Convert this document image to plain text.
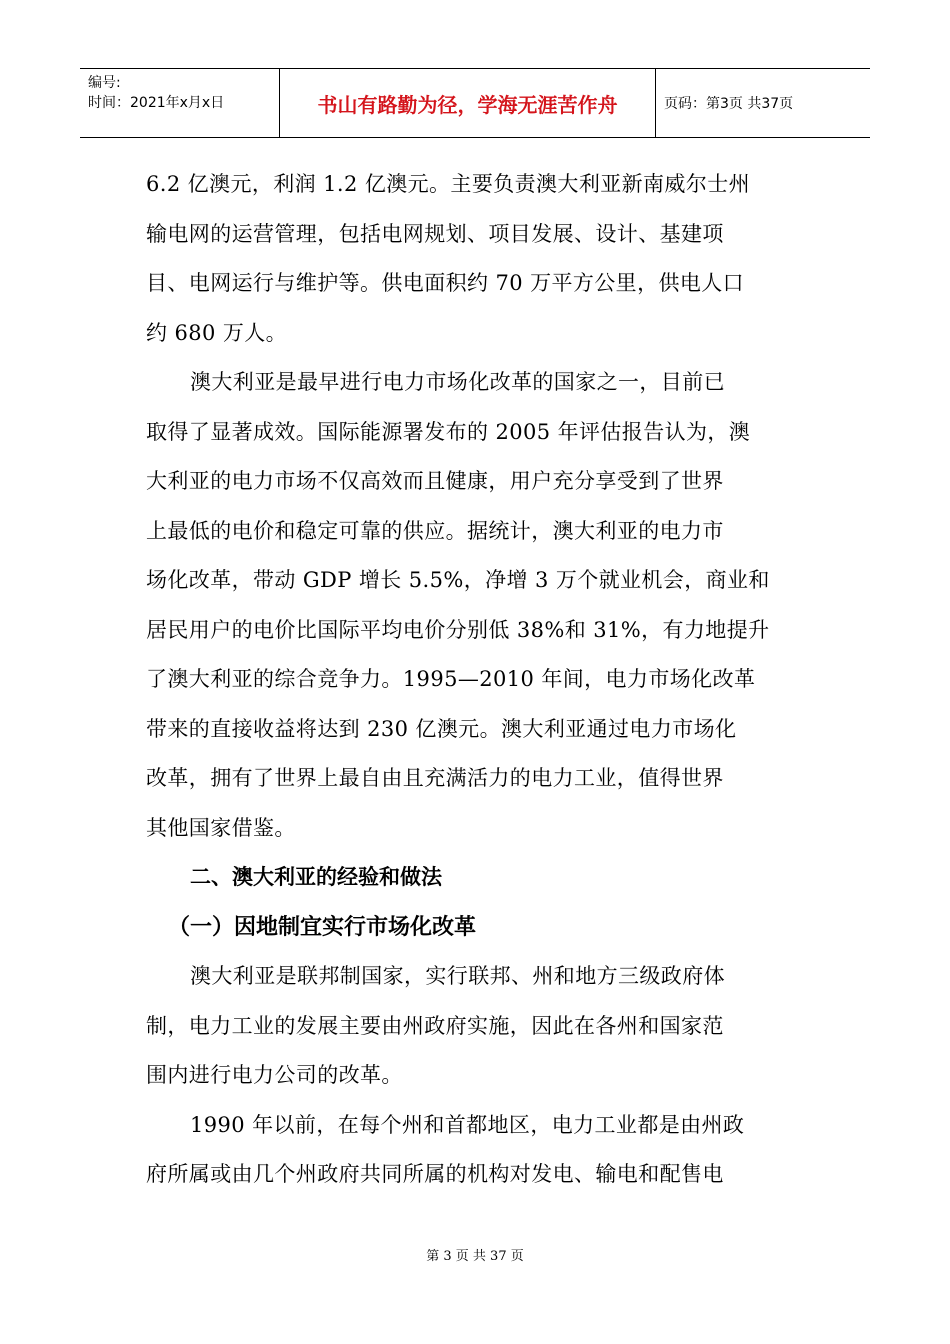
编号:
时间：2021年x月x日	书山有路勤为径，学海无涯苦作舟	页码：第3页 共37页
6.2 亿澳元，利润 1.2 亿澳元。主要负责澳大利亚新南威尔士州
输电网的运营管理，包括电网规划、项目发展、设计、基建项
目、电网运行与维护等。供电面积约 70 万平方公里，供电人口
约 680 万人。
澳大利亚是最早进行电力市场化改革的国家之一，目前已
取得了显著成效。国际能源署发布的 2005 年评估报告认为，澳
大利亚的电力市场不仅高效而且健康，用户充分享受到了世界
上最低的电价和稳定可靠的供应。据统计，澳大利亚的电力市
场化改革，带动 GDP 增长 5.5%，净增 3 万个就业机会，商业和
居民用户的电价比国际平均电价分别低 38%和 31%，有力地提升
了澳大利亚的综合竞争力。1995—2010 年间，电力市场化改革
带来的直接收益将达到 230 亿澳元。澳大利亚通过电力市场化
改革，拥有了世界上最自由且充满活力的电力工业，值得世界
其他国家借鉴。
二、澳大利亚的经验和做法
（一）因地制宜实行市场化改革
澳大利亚是联邦制国家，实行联邦、州和地方三级政府体
制，电力工业的发展主要由州政府实施，因此在各州和国家范
围内进行电力公司的改革。
1990 年以前，在每个州和首都地区，电力工业都是由州政
府所属或由几个州政府共同所属的机构对发电、输电和配售电
第 3 页 共 37 页
